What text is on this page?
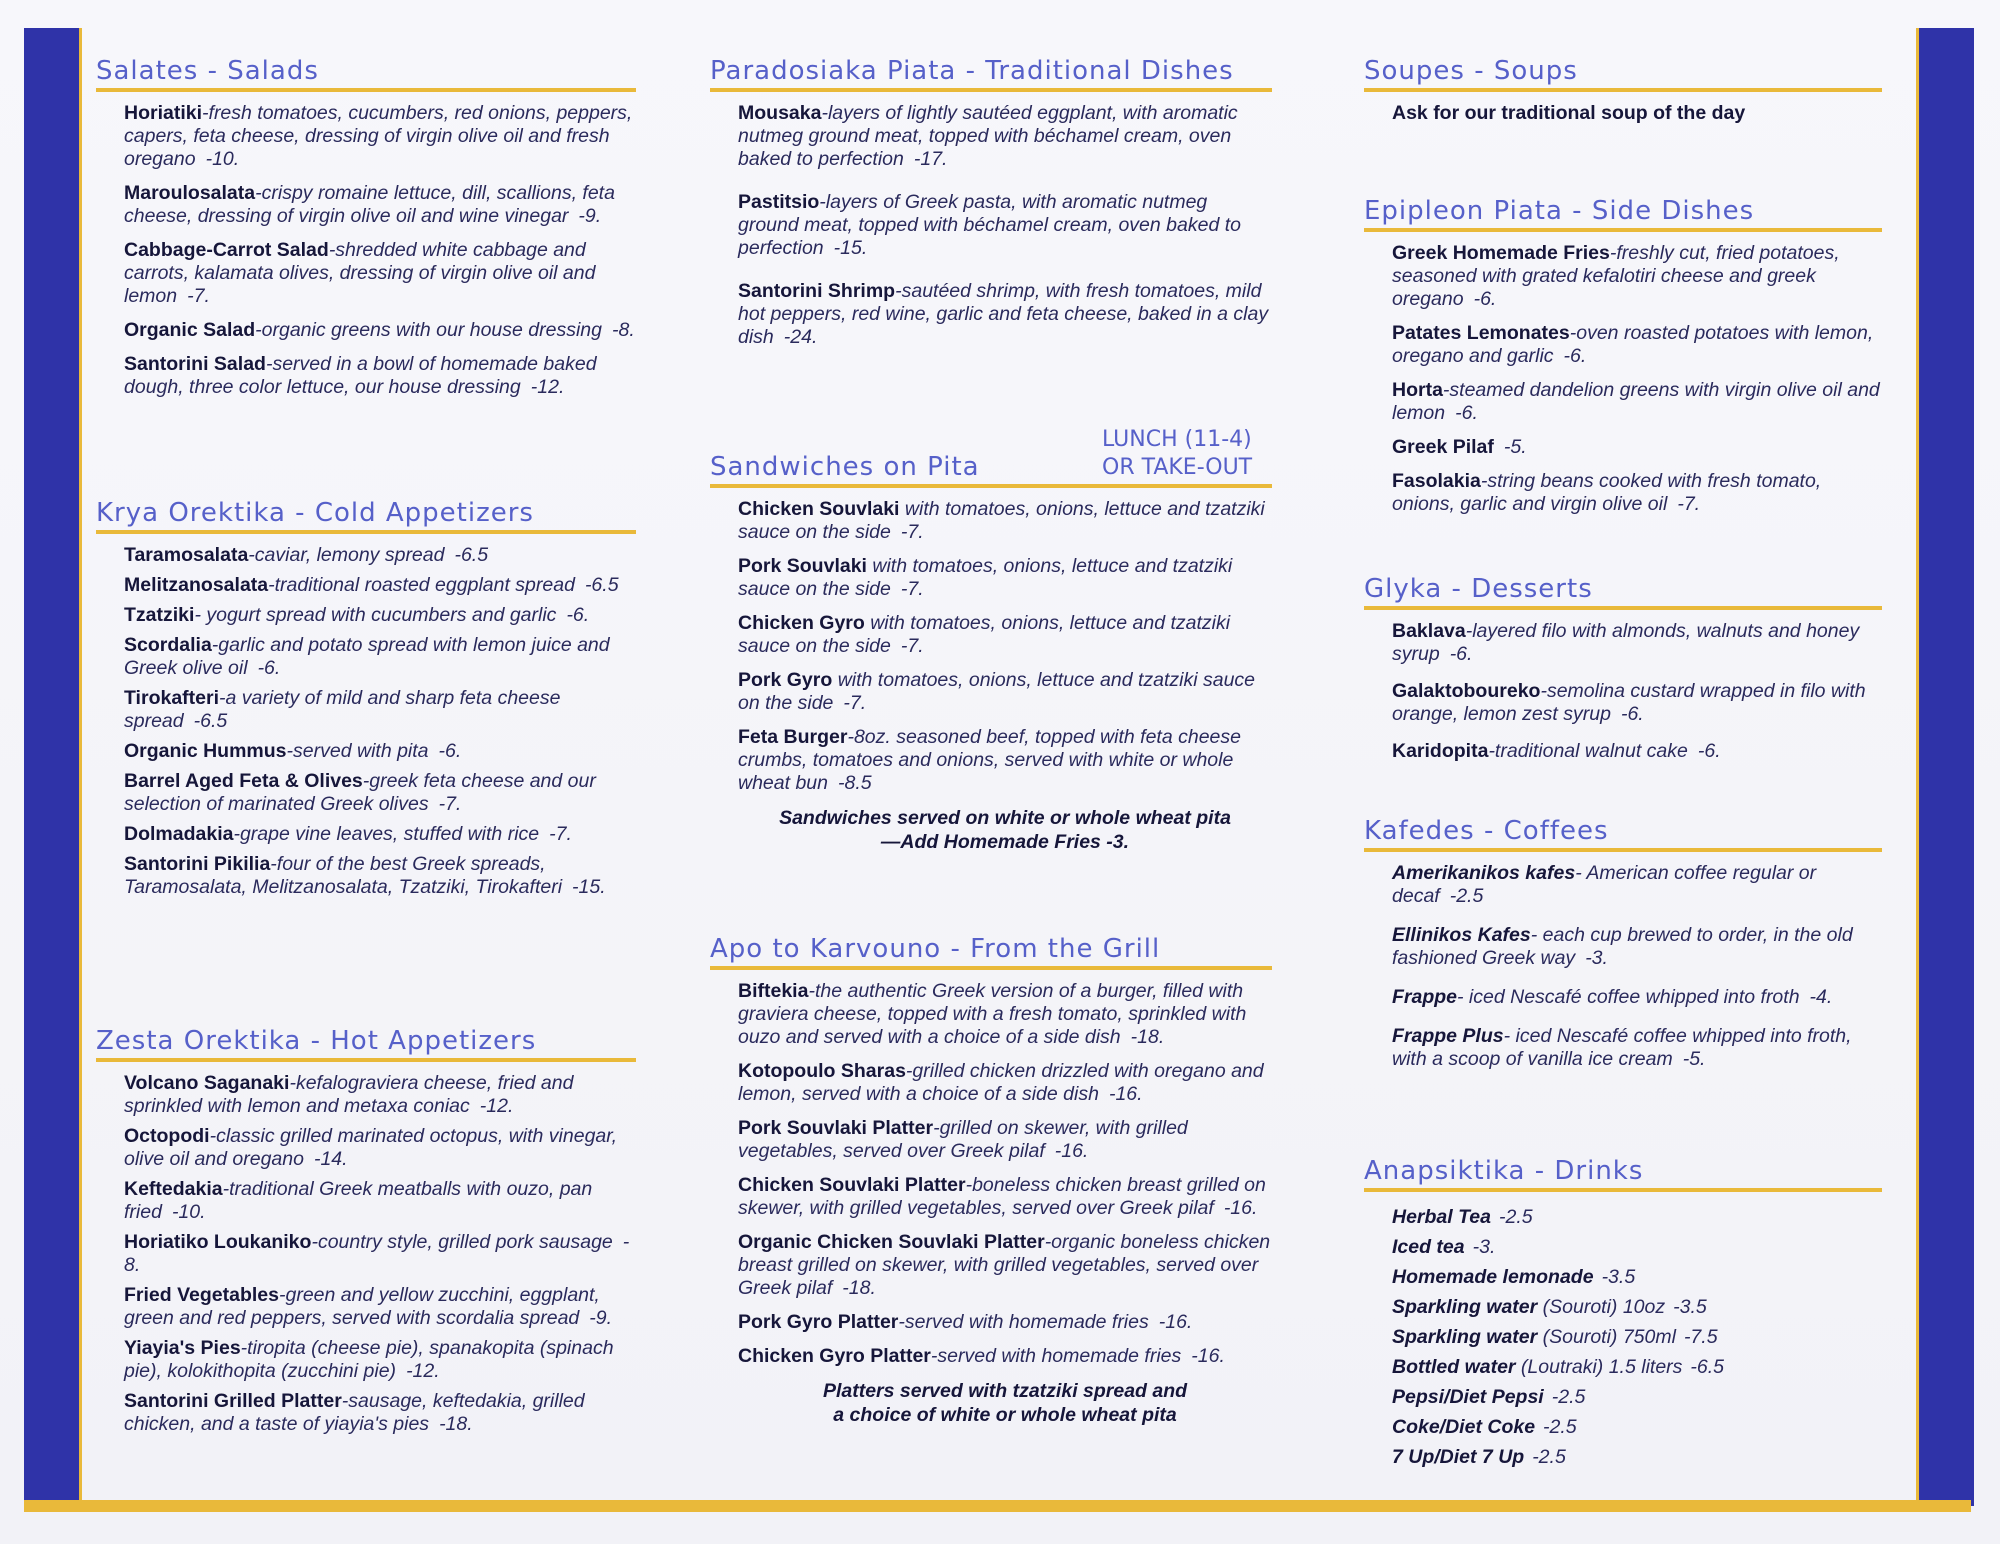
Salates - Salads
Horiatiki-fresh tomatoes, cucumbers, red onions, peppers, capers, feta cheese, dressing of virgin olive oil and fresh oregano -10.
Maroulosalata-crispy romaine lettuce, dill, scallions, feta cheese, dressing of virgin olive oil and wine vinegar -9.
Cabbage-Carrot Salad-shredded white cabbage and carrots, kalamata olives, dressing of virgin olive oil and lemon -7.
Organic Salad-organic greens with our house dressing -8.
Santorini Salad-served in a bowl of homemade baked dough, three color lettuce, our house dressing -12.
Krya Orektika - Cold Appetizers
Taramosalata-caviar, lemony spread -6.5
Melitzanosalata-traditional roasted eggplant spread -6.5
Tzatziki- yogurt spread with cucumbers and garlic -6.
Scordalia-garlic and potato spread with lemon juice and Greek olive oil -6.
Tirokafteri-a variety of mild and sharp feta cheese spread -6.5
Organic Hummus-served with pita -6.
Barrel Aged Feta & Olives-greek feta cheese and our selection of marinated Greek olives -7.
Dolmadakia-grape vine leaves, stuffed with rice -7.
Santorini Pikilia-four of the best Greek spreads, Taramosalata, Melitzanosalata, Tzatziki, Tirokafteri -15.
Zesta Orektika - Hot Appetizers
Volcano Saganaki-kefalograviera cheese, fried and sprinkled with lemon and metaxa coniac -12.
Octopodi-classic grilled marinated octopus, with vinegar, olive oil and oregano -14.
Keftedakia-traditional Greek meatballs with ouzo, pan fried -10.
Horiatiko Loukaniko-country style, grilled pork sausage -8.
Fried Vegetables-green and yellow zucchini, eggplant, green and red peppers, served with scordalia spread -9.
Yiayia's Pies-tiropita (cheese pie), spanakopita (spinach pie), kolokithopita (zucchini pie) -12.
Santorini Grilled Platter-sausage, keftedakia, grilled chicken, and a taste of yiayia's pies -18.
Paradosiaka Piata - Traditional Dishes
Mousaka-layers of lightly sautéed eggplant, with aromatic nutmeg ground meat, topped with béchamel cream, oven baked to perfection -17.
Pastitsio-layers of Greek pasta, with aromatic nutmeg ground meat, topped with béchamel cream, oven baked to perfection -15.
Santorini Shrimp-sautéed shrimp, with fresh tomatoes, mild hot peppers, red wine, garlic and feta cheese, baked in a clay dish -24.
Sandwiches on Pita
LUNCH (11-4) OR TAKE-OUT
Chicken Souvlaki with tomatoes, onions, lettuce and tzatziki sauce on the side -7.
Pork Souvlaki with tomatoes, onions, lettuce and tzatziki sauce on the side -7.
Chicken Gyro with tomatoes, onions, lettuce and tzatziki sauce on the side -7.
Pork Gyro with tomatoes, onions, lettuce and tzatziki sauce on the side -7.
Feta Burger-8oz. seasoned beef, topped with feta cheese crumbs, tomatoes and onions, served with white or whole wheat bun -8.5
Sandwiches served on white or whole wheat pita
—Add Homemade Fries -3.
Apo to Karvouno - From the Grill
Biftekia-the authentic Greek version of a burger, filled with graviera cheese, topped with a fresh tomato, sprinkled with ouzo and served with a choice of a side dish -18.
Kotopoulo Sharas-grilled chicken drizzled with oregano and lemon, served with a choice of a side dish -16.
Pork Souvlaki Platter-grilled on skewer, with grilled vegetables, served over Greek pilaf -16.
Chicken Souvlaki Platter-boneless chicken breast grilled on skewer, with grilled vegetables, served over Greek pilaf -16.
Organic Chicken Souvlaki Platter-organic boneless chicken breast grilled on skewer, with grilled vegetables, served over Greek pilaf -18.
Pork Gyro Platter-served with homemade fries -16.
Chicken Gyro Platter-served with homemade fries -16.
Platters served with tzatziki spread and
a choice of white or whole wheat pita
Soupes - Soups
Ask for our traditional soup of the day
Epipleon Piata - Side Dishes
Greek Homemade Fries-freshly cut, fried potatoes, seasoned with grated kefalotiri cheese and greek oregano -6.
Patates Lemonates-oven roasted potatoes with lemon, oregano and garlic -6.
Horta-steamed dandelion greens with virgin olive oil and lemon -6.
Greek Pilaf -5.
Fasolakia-string beans cooked with fresh tomato, onions, garlic and virgin olive oil -7.
Glyka - Desserts
Baklava-layered filo with almonds, walnuts and honey syrup -6.
Galaktoboureko-semolina custard wrapped in filo with orange, lemon zest syrup -6.
Karidopita-traditional walnut cake -6.
Kafedes - Coffees
Amerikanikos kafes- American coffee regular or decaf -2.5
Ellinikos Kafes- each cup brewed to order, in the old fashioned Greek way -3.
Frappe- iced Nescafé coffee whipped into froth -4.
Frappe Plus- iced Nescafé coffee whipped into froth, with a scoop of vanilla ice cream -5.
Anapsiktika - Drinks
Herbal Tea -2.5
Iced tea -3.
Homemade lemonade -3.5
Sparkling water (Souroti) 10oz -3.5
Sparkling water (Souroti) 750ml -7.5
Bottled water (Loutraki) 1.5 liters -6.5
Pepsi/Diet Pepsi -2.5
Coke/Diet Coke -2.5
7 Up/Diet 7 Up -2.5
